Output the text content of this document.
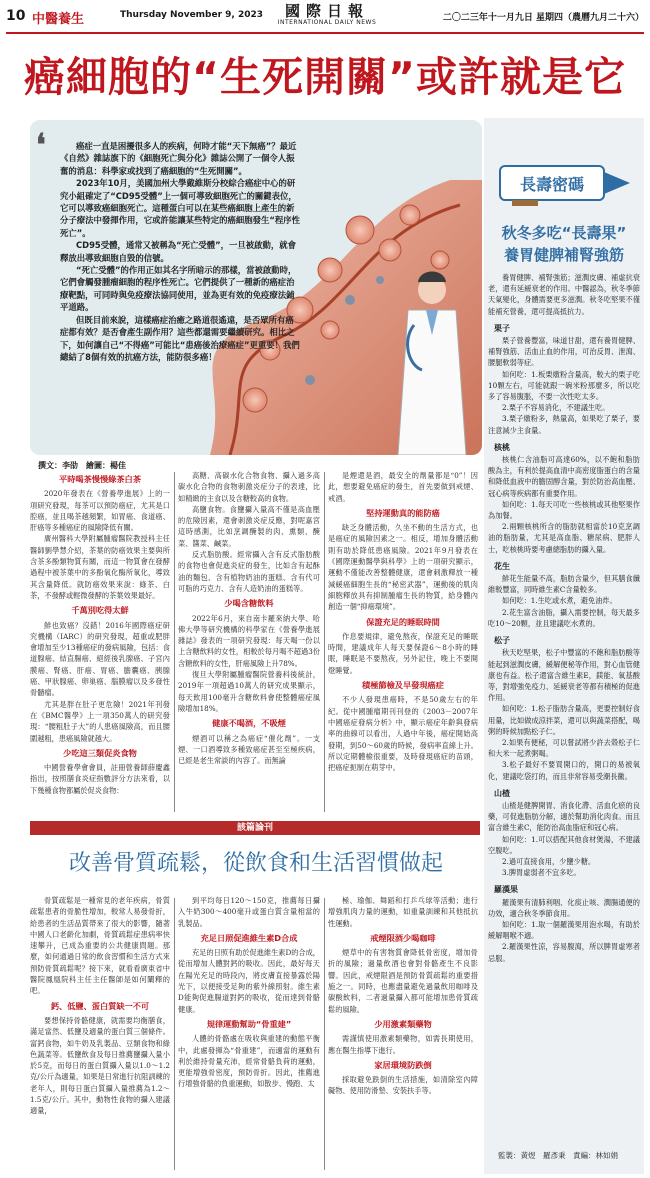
10 中醫養生	Thursday November 9, 2023	國際日報
INTERNATIONAL DAILY NEWS	二〇二三年十一月九日 星期四（農曆九月二十六）
癌細胞的“生死開關”或許就是它
❛	癌症一直是困擾很多人的疾病，何時才能“天下無癌”？最近《自然》雜誌旗下的《細胞死亡與分化》雜誌公開了一個令人振奮的消息：科學家或找到了癌細胞的“生死開關”。

2023年10月，美國加州大學戴維斯分校綜合癌症中心的研究小組確定了“CD95受體”上一個可導致細胞死亡的關鍵表位，它可以導致癌細胞死亡。這種蛋白可以在某些癌細胞上產生的新分子療法中發揮作用，它或許能讓某些特定的癌細胞發生“程序性死亡”。

CD95受體，通常又被稱為“死亡受體”，一旦被啟動，就會釋放出導致細胞自毀的信號。

“死亡受體”的作用正如其名字所暗示的那樣，當被啟動時，它們會觸發腫瘤細胞的程序性死亡。它們提供了一種新的癌症治療靶點，可同時與免疫療法協同使用，並為更有效的免疫療法鋪平道路。

但既目前來說，這樣癌症治癒之路道很遙遠，是否眾所有癌症都有效？是否會產生副作用？這些都還需要繼續研究。相比之下，如何讓自己“不得癌”可能比“患癌後治療癌症”更重要！我們總結了8個有效的抗癌方法，能防很多癌！

撰文：李劭　繪圖：楊佳
平時喝茶慢慢綠茶白茶

2020年發表在《營養學進展》上的一項研究發現，每茶可以預防癌症，尤其是口腔癌，並且喝茶越頻繁，如胃癌、食道癌、肝癌等多種癌症的風險降低有關。

廣州醫科大學附屬腫瘤醫院教授科主任醫師劉學慧介紹，茶葉的防癌效果主要與所含茶多酚類物質有關，而這一物質會在發酵過程中被茶葉中的多酚氧化酶所氧化，導致其含量降低。就防癌效果來說：綠茶、白茶，不發酵或輕微發酵的茶葉效果最好。

千萬別吃得太鮮

鮮也致癌？沒錯！2016年國際癌症研究機構（IARC）的研究發現，超重或肥胖會增加至少13種癌症的發病風險，包括：食道腺癌、結直腸癌、絕經後乳腺癌、子宮內膜癌、腎癌、肝癌、胃癌、膽囊癌、胰腺癌、甲狀腺癌、卵巢癌、腦膜瘤以及多發性骨髓瘤。

尤其是胖在肚子更危險！2021年刊發在《BMC醫學》上一項350萬人的研究發現：“腰粗肚子大”的人患癌風險高，而且腰圍越粗，患癌風險就越大。

少吃這三類促炎食物

中國營養學會會員，註冊營養師薛慶鑫指出，按照膳食炎症指數評分方法來看，以下幾種食物都屬於促炎食物：

高糖、高碳水化合物食物、攝入過多高碳水化合物的食物刺激炎症分子的表達，比如精緻的主食以及含糖較高的食物。

高鹽食物。食鹽攝入量高不僅是高血壓的危險因素，還會刺激炎症反應，對呢嘉宮這時感測，比如烹調醃製的肉、熏類、醃菜、醬菜、鹹菜。

反式脂肪酸。經常攝入含有反式脂肪酸的食物也會促進炎症的發生，比如含有起酥油的麵包、含有植物奶油的蛋糕、含有代可可脂的巧克力、含有人造奶油的蛋糕等。

少喝含糖飲料

2022年6月，來自南卡羅來納大學、哈佛大學等研究機構的科學家在《營養學進展雜誌》發表的一項研究發現：每天喝一份以上含糖飲料的女性，相較於每月喝不超過3份含糖飲料的女性，肝癌風險上升78%。

復旦大學附屬腫瘤醫院營養科後統計，2019年一項超過10萬人的研究成果顯示，每天飲用100毫升含糖飲料會使整體癌症風險增加18%。

健康不喝酒，不吸煙

煙酒可以稱之為癌症“催化劑”。一支煙、一口酒導致多種致癌症甚至至極疾病，已經是老生常談的內容了。而無論

是煙還是酒，最安全的劑量都是“0”！因此，想要避免癌症的發生，首先要做到戒煙、戒酒。

堅持運動真的能防癌

缺乏身體活動，久坐不動的生活方式，也是癌症的風險因素之一。相反，增加身體活動則有助於降低患癌風險。2021年9月發表在《國際運動醫學與科學》上的一項研究顯示，運動不僅能改善整體健康，還會刺激釋放一種減緩癌細胞生長的“秘密武器”，運動後的肌肉細胞釋放具有抑制腫瘤生長的物質，給身體內創造一個“抑癌環境”。

保證充足的睡眠時間

作息要規律，避免熬夜，保證充足的睡眠時間，建議成年人每天要保證6～8小時的睡眠，睡眠是不要熬夜，另外記住，晚上不要開燈睡覺。

積極篩檢及早發現癌症

不少人發現患癌時，不是50歲左右的年紀。從中國腫瘤期刊刊登的《2003－2007年中國癌症發病分析》中，顯示癌症年齡與發病率的曲線可以看出，人過中年後，癌症開始高發期，到50～60歲的時候，發病率直線上升。所以定期體檢很重要，及時發現癌症的苗頭，把癌症扼制在萌芽中。

該篇論刊
改善骨質疏鬆，從飲食和生活習慣做起

骨質疏鬆是一種常見的老年疾病，骨質疏鬆患者的骨脆性增加，較常人易發骨折，給患者的生活品質帶來了很大的影響，隨著中國人口老齡化加劇，骨質疏鬆症患病率快速攀升，已成為重要的公共健康問題。那麼，如何通過日常的飲食習慣和生活方式來預防骨質疏鬆呢？接下來，就看看廣東省中醫院鳳凰院科主任主任醫師是如何闡釋的吧。

鈣、低鹽、蛋白質缺一不可

要想保持骨骼健康，就需要均衡膳食，滿足當然、低鹽及適量的蛋白質三個條件。富鈣食物，如牛奶及乳製品、豆類食物和綠色蔬菜等。低鹽飲食及每日推薦鹽攝入量小於5克，而每日的蛋白質攝入量以1.0～1.2克/公斤為適量，如果是日常進行抗阻訓練的老年人，則每日蛋白質攝入量推薦為1.2～1.5克/公斤。其中，動物性食物的攝入建議適量，

到平均每日120～150克，推薦每日攝入牛奶300～400毫升或蛋白質含量相當的乳製品。

充足日照促進維生素D合成

充足的日照有助於促進維生素D的合成，從而增加人體對鈣的吸收。因此，最好每天在陽光充足的時段內，將皮膚直接暴露於陽光下，以便接受足夠的紫外線照射。維生素D能夠促進腸道對鈣的吸收，從而達到骨骼健康。

規律運動幫助“骨重建”

人體的骨骼處在吸收與重建的動態平衡中，此處發揮為“骨重建”，而適當的運動有利於維持骨量充沛，經常骨骼負荷的運動，更能增強骨密度，預防骨折。因此，推薦進行增強骨骼的負重運動，如散步、慢跑、太

極、瑜伽、舞蹈和打乒乓球等活動；進行增強肌肉力量的運動，如重量訓練和其他抵抗性運動。

戒煙限酒少喝咖啡

煙草中的有害物質會降低骨密度，增加骨折的風險；過量飲酒也會對骨骼產生不良影響。因此，戒煙限酒是預防骨質疏鬆的重要措施之一。同時，也應盡量避免過量飲用咖啡及碳酸飲料，二者過量攝入都可能增加患骨質疏鬆的風險。

少用激素類藥物

需謹慎使用激素類藥物，如需長期使用，應在醫生指導下進行。

家居環境防跌倒

採取避免跌倒的生活措施，如清除室內障礙物、使用防滑墊、安裝扶手等。

長壽密碼
秋冬多吃“長壽果”
養胃健脾補腎強筋

養胃健脾、補腎強筋；滋潤皮膚、補虛抗衰老，還有延緩衰老的作用。中醫認為，秋冬季節天氣變化，身體需要更多滋潤。秋冬吃堅果不僅能補充營養，還可提高抵抗力。

栗子

栗子營養豐富，味道甘甜，還有養胃健脾、補腎強筋、活血止血的作用，可治反胃、泄瀉、腰腿軟弱等症。

如何吃：1.板栗燉粉含量高，較大的栗子吃10顆左右，可能就跟一碗米粉那麼多，所以吃多了容易腹脹，不要一次性吃太多。

2.栗子不容易消化，不建議生吃。

3.栗子燉粉多，熱量高，如果吃了栗子，要注意減少主食量。

核桃

核桃仁含油脂可高達60%，以不飽和脂肪酸為主，有利於提高血清中高密度脂蛋白的含量和降低血液中的膽固醇含量，對於防治高血壓、冠心病等疾病都有重要作用。

如何吃：1.每天可吃一些核桃或其他堅果作為加餐。

2.兩顆核桃所含的脂肪就相當於10克烹調油的脂肪量，尤其是高血脂、糖尿病、肥胖人士，吃核桃時要考慮總脂肪的攝入量。

花生

鮮花生能量不高，脂肪含量少，但其膳食纖維較豐富，同時維生素C含量較多。

如何吃：1.生吃或水煮，避免油炸。

2.花生富含油脂，攝入需要控制，每天最多吃10～20顆，並且建議吃水煮的。

松子

秋天吃堅果，松子中豐富的不飽和脂肪酸等能起到滋潤皮膚，緩解便秘等作用，對心血管健康也有益。松子還富含維生素E，鎂能、氧基酸等，對增強免疫力、延緩衰老等都有積極的促進作用。

如何吃：1.松子脂肪含量高，更要控制好食用量，比如做成涼拌菜，還可以與蔬菜搭配，喝粥的時候加點松子仁。

2.如果有便秘，可以嘗試將少許去殼松子仁和大米一起煮粥喝。

3.松子最好不要買開口的，開口的易被氧化，建議吃袋打的，而且非常容易受潮長黴。

山楂

山楂是健脾開胃、消食化滯、活血化瘀的良藥，可促進脂肪分解，適於幫助消化肉食。而且富含維生素C，能防治高血脂症和冠心病。

如何吃：1.可以搭配其他食材煲湯，不建議空腹吃。

2.過可直接食用，少鹽少糖。

3.脾胃虛弱者不宜多吃。

羅漢果

羅漢果有清肺利咽、化痰止咳、潤腸通便的功效，適合秋冬季節食用。

如何吃：1.取一個羅漢果用泡水喝，有助於緩解咽喉不適。

2.羅漢果性涼，容易腹瀉，所以脾胃虛寒者忌服。

監製：黃煜　羅彥秉　責編：林如娟
